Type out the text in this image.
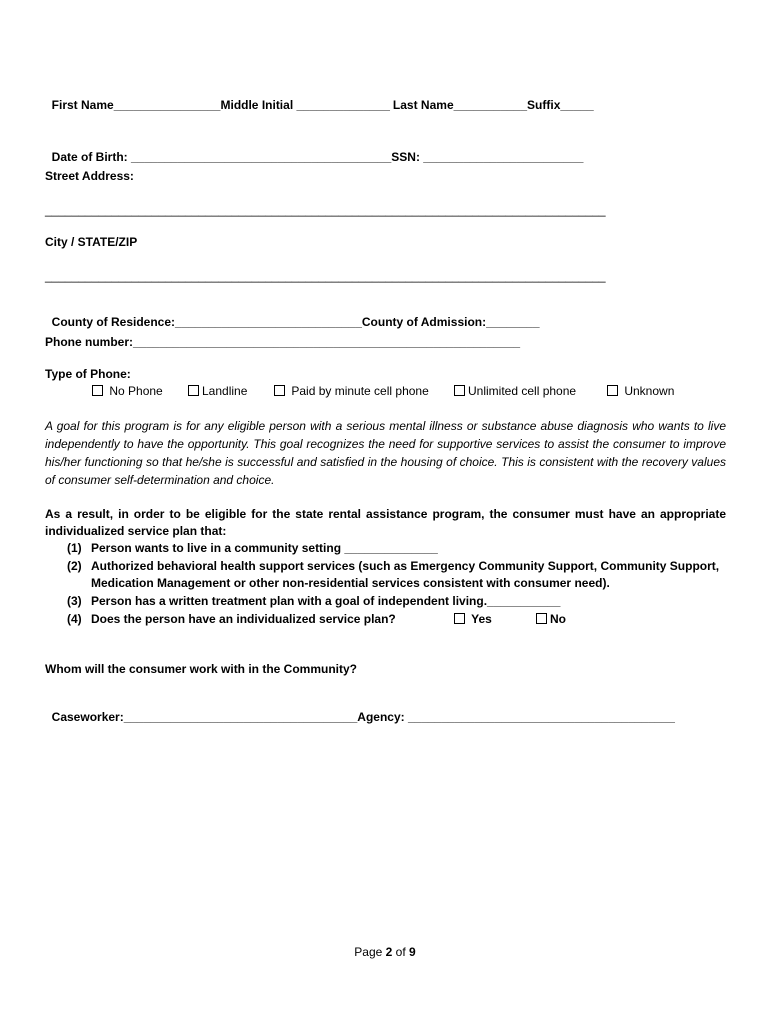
First Name________________Middle Initial ______________ Last Name___________Suffix_____

Date of Birth: _______________________________________SSN: ________________________

Street Address:
____________________________________________________________________________________
City / STATE/ZIP
____________________________________________________________________________________

County of Residence:____________________________County of Admission:________

Phone number:__________________________________________________________
Type of Phone:
No Phone	Landline	Paid by minute cell phone	Unlimited cell phone	Unknown

A goal for this program is for any eligible person with a serious mental illness or substance abuse diagnosis who wants to live independently to have the opportunity. This goal recognizes the need for supportive services to assist the consumer to improve his/her functioning so that he/she is successful and satisfied in the housing of choice. This is consistent with the recovery values of consumer self-determination and choice.

As a result, in order to be eligible for the state rental assistance program, the consumer must have an appropriate individualized service plan that:

(1) Person wants to live in a community setting ______________
(2) Authorized behavioral health support services (such as Emergency Community Support, Community Support,
Medication Management or other non-residential services consistent with consumer need).
(3) Person has a written treatment plan with a goal of independent living.___________
(4) Does the person have an individualized service plan?	Yes	No
Whom will the consumer work with in the Community?

Caseworker:___________________________________Agency: ________________________________________

Page 2 of 9
